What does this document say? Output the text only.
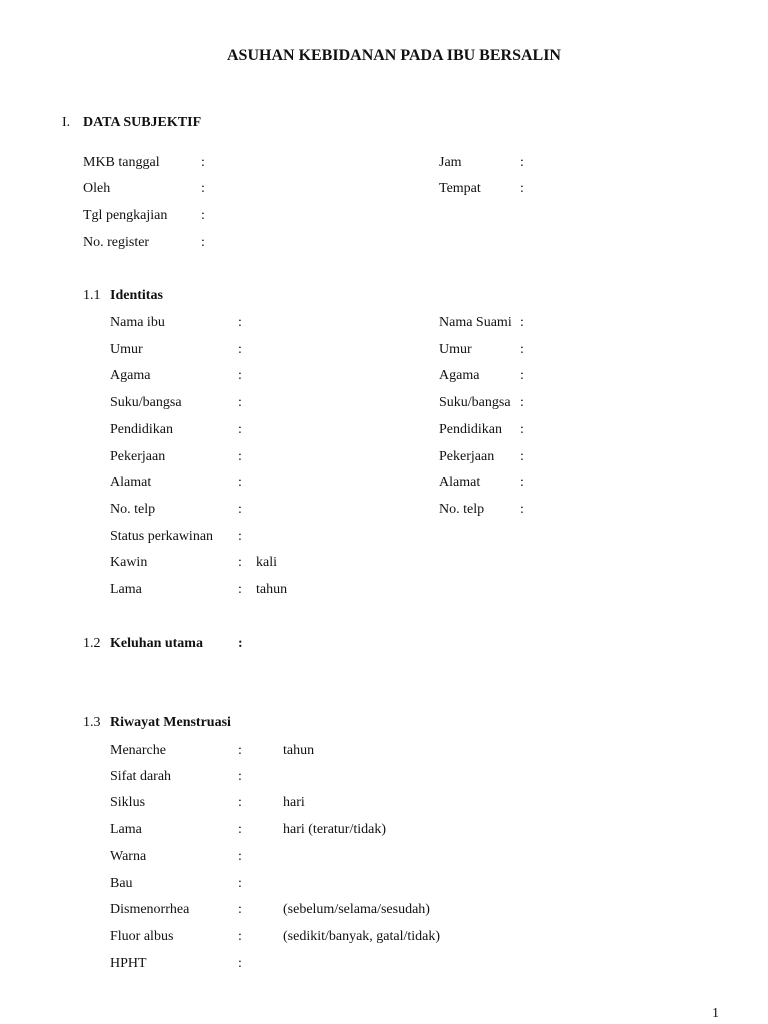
ASUHAN KEBIDANAN PADA IBU BERSALIN
I. DATA SUBJEKTIF
MKB tanggal	:	Jam	:
Oleh	:	Tempat	:
Tgl pengkajian :
No. register	:
1.1 Identitas
Nama ibu	:	Nama Suami :
Umur	:	Umur	:
Agama	:	Agama	:
Suku/bangsa	:	Suku/bangsa :
Pendidikan	:	Pendidikan :
Pekerjaan	:	Pekerjaan :
Alamat	:	Alamat	:
No. telp	:	No. telp	:
Status perkawinan :
Kawin	: kali
Lama	: tahun
1.2 Keluhan utama	:
1.3 Riwayat Menstruasi
Menarche	:	tahun
Sifat darah	:
Siklus	:	hari
Lama	:	hari (teratur/tidak)
Warna	:
Bau	:
Dismenorrhea	:	(sebelum/selama/sesudah)
Fluor albus	:	(sedikit/banyak, gatal/tidak)
HPHT	:
1
